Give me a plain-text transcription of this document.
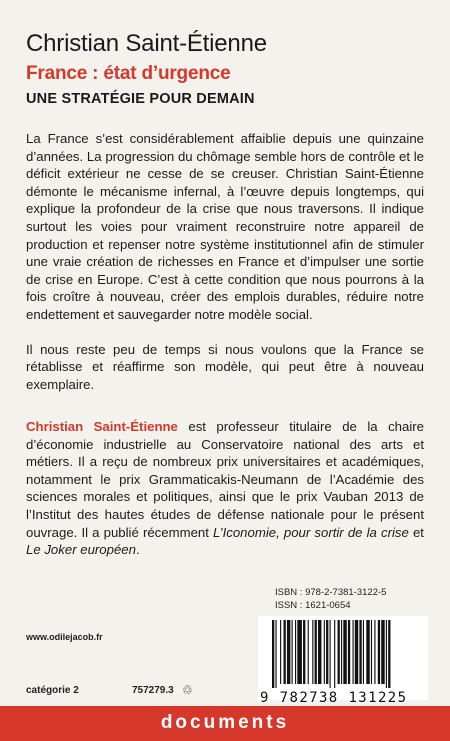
Christian Saint-Étienne
France : état d’urgence
UNE STRATÉGIE POUR DEMAIN

La France s’est considérablement affaiblie depuis une quinzaine d’années. La progression du chômage semble hors de contrôle et le déficit extérieur ne cesse de se creuser. Christian Saint-Étienne démonte le mécanisme infernal, à l’œuvre depuis longtemps, qui explique la profondeur de la crise que nous traversons. Il indique surtout les voies pour vraiment reconstruire notre appareil de production et repenser notre système institutionnel afin de stimuler une vraie création de richesses en France et d’impulser une sortie de crise en Europe. C’est à cette condition que nous pourrons à la fois croître à nouveau, créer des emplois durables, réduire notre endettement et sauvegarder notre modèle social.

Il nous reste peu de temps si nous voulons que la France se rétablisse et réaffirme son modèle, qui peut être à nouveau exemplaire.

Christian Saint-Étienne est professeur titulaire de la chaire d’économie industrielle au Conservatoire national des arts et métiers. Il a reçu de nombreux prix universitaires et académiques, notamment le prix Grammaticakis-Neumann de l’Académie des sciences morales et politiques, ainsi que le prix Vauban 2013 de l’Institut des hautes études de défense nationale pour le présent ouvrage. Il a publié récemment L’Iconomie, pour sortir de la crise et Le Joker européen.
ISBN : 978-2-7381-3122-5
ISSN : 1621-0654
www.odilejacob.fr
catégorie 2	757279.3 ♲	9 782738 131225
documents
